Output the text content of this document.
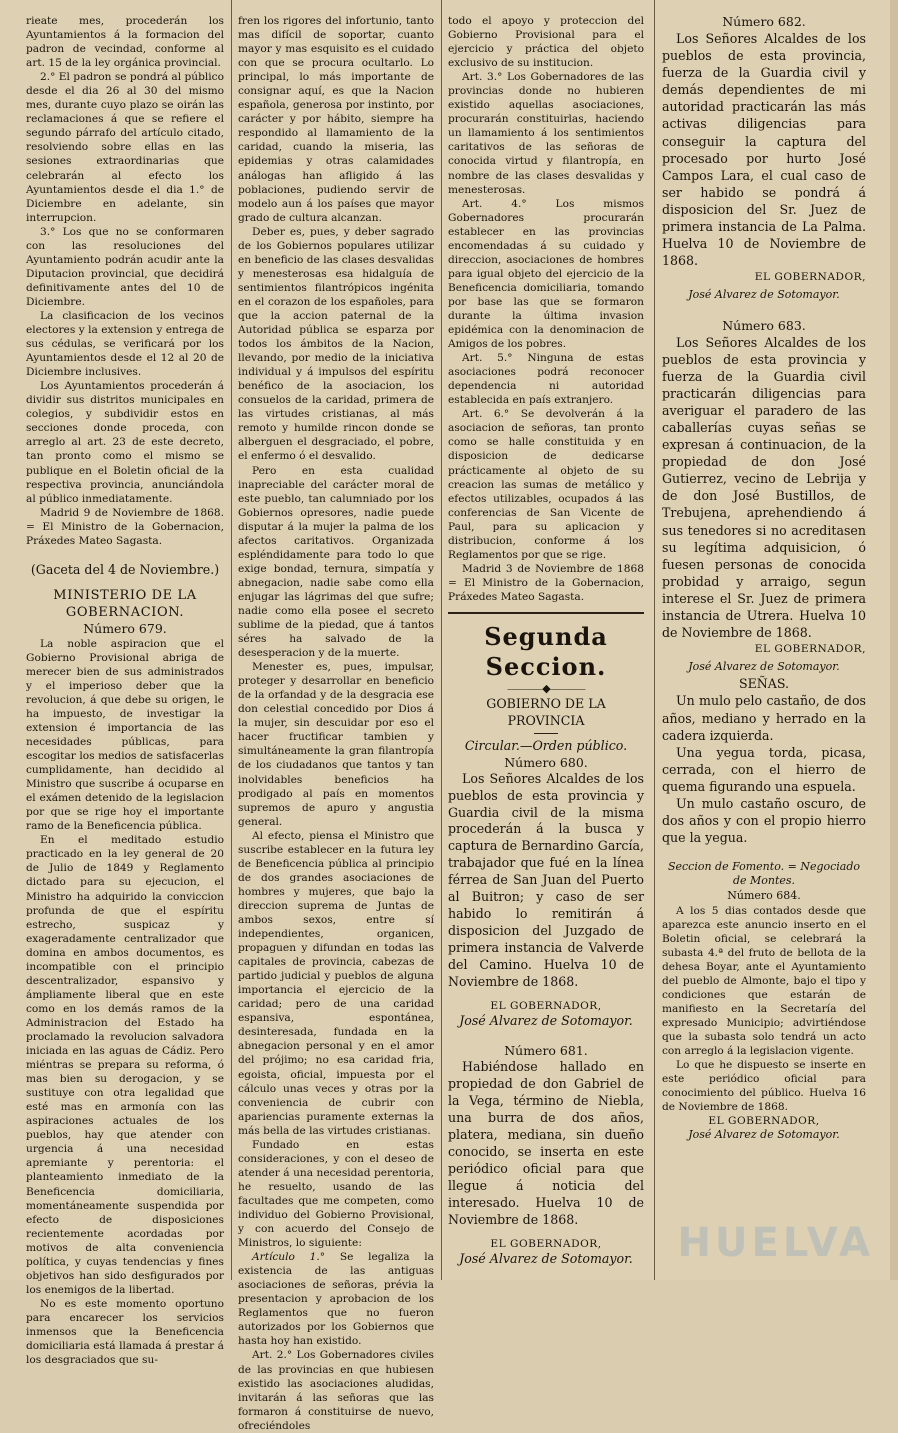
rieate mes, procederán los Ayuntamientos á la formacion del padron de vecindad, conforme al art. 15 de la ley orgánica provincial.

2.° El padron se pondrá al público desde el dia 26 al 30 del mismo mes, durante cuyo plazo se oirán las reclamaciones á que se refiere el segundo párrafo del artículo citado, resolviendo sobre ellas en las sesiones extraordinarias que celebrarán al efecto los Ayuntamientos desde el dia 1.° de Diciembre en adelante, sin interrupcion.

3.° Los que no se conformaren con las resoluciones del Ayuntamiento podrán acudir ante la Diputacion provincial, que decidirá definitivamente antes del 10 de Diciembre.

La clasificacion de los vecinos electores y la extension y entrega de sus cédulas, se verificará por los Ayuntamientos desde el 12 al 20 de Diciembre inclusives.

Los Ayuntamientos procederán á dividir sus distritos municipales en colegios, y subdividir estos en secciones donde proceda, con arreglo al art. 23 de este decreto, tan pronto como el mismo se publique en el Boletin oficial de la respectiva provincia, anunciándola al público inmediatamente.

Madrid 9 de Noviembre de 1868. = El Ministro de la Gobernacion, Práxedes Mateo Sagasta.

(Gaceta del 4 de Noviembre.)

MINISTERIO DE LA GOBERNACION.

Número 679.

La noble aspiracion que el Gobierno Provisional abriga de merecer bien de sus administrados y el imperioso deber que la revolucion, á que debe su origen, le ha impuesto, de investigar la extension é importancia de las necesidades públicas, para escogitar los medios de satisfacerlas cumplidamente, han decidido al Ministro que suscribe á ocuparse en el exámen detenido de la legislacion por que se rige hoy el importante ramo de la Beneficencia pública.

En el meditado estudio practicado en la ley general de 20 de Julio de 1849 y Reglamento dictado para su ejecucion, el Ministro ha adquirido la conviccion profunda de que el espíritu estrecho, suspicaz y exageradamente centralizador que domina en ambos documentos, es incompatible con el principio descentralizador, espansivo y ámpliamente liberal que en este como en los demás ramos de la Administracion del Estado ha proclamado la revolucion salvadora iniciada en las aguas de Cádiz. Pero miéntras se prepara su reforma, ó mas bien su derogacion, y se sustituye con otra legalidad que esté mas en armonía con las aspiraciones actuales de los pueblos, hay que atender con urgencia á una necesidad apremiante y perentoria: el planteamiento inmediato de la Beneficencia domiciliaria, momentáneamente suspendida por efecto de disposiciones recientemente acordadas por motivos de alta conveniencia política, y cuyas tendencias y fines objetivos han sido desfigurados por los enemigos de la libertad.

No es este momento oportuno para encarecer los servicios inmensos que la Beneficencia domiciliaria está llamada á prestar á los desgraciados que su-

fren los rigores del infortunio, tanto mas difícil de soportar, cuanto mayor y mas esquisito es el cuidado con que se procura ocultarlo. Lo principal, lo más importante de consignar aquí, es que la Nacion española, generosa por instinto, por carácter y por hábito, siempre ha respondido al llamamiento de la caridad, cuando la miseria, las epidemias y otras calamidades análogas han afligido á las poblaciones, pudiendo servir de modelo aun á los países que mayor grado de cultura alcanzan.

Deber es, pues, y deber sagrado de los Gobiernos populares utilizar en beneficio de las clases desvalidas y menesterosas esa hidalguía de sentimientos filantrópicos ingénita en el corazon de los españoles, para que la accion paternal de la Autoridad pública se esparza por todos los ámbitos de la Nacion, llevando, por medio de la iniciativa individual y á impulsos del espíritu benéfico de la asociacion, los consuelos de la caridad, primera de las virtudes cristianas, al más remoto y humilde rincon donde se alberguen el desgraciado, el pobre, el enfermo ó el desvalido.

Pero en esta cualidad inapreciable del carácter moral de este pueblo, tan calumniado por los Gobiernos opresores, nadie puede disputar á la mujer la palma de los afectos caritativos. Organizada espléndidamente para todo lo que exige bondad, ternura, simpatía y abnegacion, nadie sabe como ella enjugar las lágrimas del que sufre; nadie como ella posee el secreto sublime de la piedad, que á tantos séres ha salvado de la desesperacion y de la muerte.

Menester es, pues, impulsar, proteger y desarrollar en beneficio de la orfandad y de la desgracia ese don celestial concedido por Dios á la mujer, sin descuidar por eso el hacer fructificar tambien y simultáneamente la gran filantropía de los ciudadanos que tantos y tan inolvidables beneficios ha prodigado al país en momentos supremos de apuro y angustia general.

Al efecto, piensa el Ministro que suscribe establecer en la futura ley de Beneficencia pública al principio de dos grandes asociaciones de hombres y mujeres, que bajo la direccion suprema de Juntas de ambos sexos, entre sí independientes, organicen, propaguen y difundan en todas las capitales de provincia, cabezas de partido judicial y pueblos de alguna importancia el ejercicio de la caridad; pero de una caridad espansiva, espontánea, desinteresada, fundada en la abnegacion personal y en el amor del prójimo; no esa caridad fria, egoista, oficial, impuesta por el cálculo unas veces y otras por la conveniencia de cubrir con apariencias puramente externas la más bella de las virtudes cristianas.

Fundado en estas consideraciones, y con el deseo de atender á una necesidad perentoria, he resuelto, usando de las facultades que me competen, como individuo del Gobierno Provisional, y con acuerdo del Consejo de Ministros, lo siguiente:

Artículo 1.° Se legaliza la existencia de las antiguas asociaciones de señoras, prévia la presentacion y aprobacion de los Reglamentos que no fueron autorizados por los Gobiernos que hasta hoy han existido.

Art. 2.° Los Gobernadores civiles de las provincias en que hubiesen existido las asociaciones aludidas, invitarán á las señoras que las formaron á constituirse de nuevo, ofreciéndoles

todo el apoyo y proteccion del Gobierno Provisional para el ejercicio y práctica del objeto exclusivo de su institucion.

Art. 3.° Los Gobernadores de las provincias donde no hubieren existido aquellas asociaciones, procurarán constituirlas, haciendo un llamamiento á los sentimientos caritativos de las señoras de conocida virtud y filantropía, en nombre de las clases desvalidas y menesterosas.

Art. 4.°	Los mismos Gobernadores procurarán establecer en las provincias encomendadas á su cuidado y direccion, asociaciones de hombres para igual objeto del ejercicio de la Beneficencia domiciliaria, tomando por base las que se formaron durante la última invasion epidémica con la denominacion de Amigos de los pobres.

Art. 5.° Ninguna de estas asociaciones podrá reconocer dependencia ni autoridad establecida en país extranjero.

Art. 6.° Se devolverán á la asociacion de señoras, tan pronto como se halle constituida y en disposicion de dedicarse prácticamente al objeto de su creacion las sumas de metálico y efectos utilizables, ocupados á las conferencias de San Vicente de Paul, para su aplicacion y distribucion, conforme á los Reglamentos por que se rige.

Madrid 3 de Noviembre de 1868 = El Ministro de la Gobernacion, Práxedes Mateo Sagasta.

Segunda Seccion.

⸺⸺◆⸺⸺

GOBIERNO DE LA PROVINCIA

Circular.—Orden público.

Número 680.

Los Señores Alcaldes de los pueblos de esta provincia y Guardia civil de la misma procederán á la busca y captura de Bernardino García, trabajador que fué en la línea férrea de San Juan del Puerto al Buitron; y caso de ser habido lo remitirán á disposicion del Juzgado de primera instancia de Valverde del Camino. Huelva 10 de Noviembre de 1868.

EL GOBERNADOR,

José Alvarez de Sotomayor.

Número 681.

Habiéndose hallado en propiedad de don Gabriel de la Vega, término de Niebla, una burra de dos años, platera, mediana, sin dueño conocido, se inserta en este periódico oficial para que llegue á noticia del interesado. Huelva 10 de Noviembre de 1868.

EL GOBERNADOR,

José Alvarez de Sotomayor.

Número 682.

Los Señores Alcaldes de los pueblos de esta provincia, fuerza de la Guardia civil y demás dependientes de mi autoridad practicarán las más activas diligencias para conseguir la captura del procesado por hurto José Campos Lara, el cual caso de ser habido se pondrá á disposicion del Sr. Juez de primera instancia de La Palma. Huelva 10 de Noviembre de 1868.

EL GOBERNADOR,

José Alvarez de Sotomayor.

Número 683.

Los Señores Alcaldes de los pueblos de esta provincia y fuerza de la Guardia civil practicarán diligencias para averiguar el paradero de las caballerías cuyas señas se expresan á continuacion, de la propiedad de don José Gutierrez, vecino de Lebrija y de don José Bustillos, de Trebujena, aprehendiendo á sus tenedores si no acreditasen su legítima adquisicion, ó fuesen personas de conocida probidad y arraigo, segun interese el Sr. Juez de primera instancia de Utrera. Huelva 10 de Noviembre de 1868.

EL GOBERNADOR,

José Alvarez de Sotomayor.

SEÑAS.

Un mulo pelo castaño, de dos años, mediano y herrado en la cadera izquierda.

Una yegua torda, picasa, cerrada, con el hierro de quema figurando una espuela.

Un mulo castaño oscuro, de dos años y con el propio hierro que la yegua.

Seccion de Fomento. = Negociado de Montes.

Número 684.

A los 5 dias contados desde que aparezca este anuncio inserto en el Boletin oficial, se celebrará la subasta 4.ª del fruto de bellota de la dehesa Boyar, ante el Ayuntamiento del pueblo de Almonte, bajo el tipo y condiciones que estarán de manifiesto en la Secretaría del expresado Municipio; advirtiéndose que la subasta solo tendrá un acto con arreglo á la legislacion vigente.

Lo que he dispuesto se inserte en este periódico oficial para conocimiento del público. Huelva 16 de Noviembre de 1868.

EL GOBERNADOR,

José Alvarez de Sotomayor.

HUELVA
